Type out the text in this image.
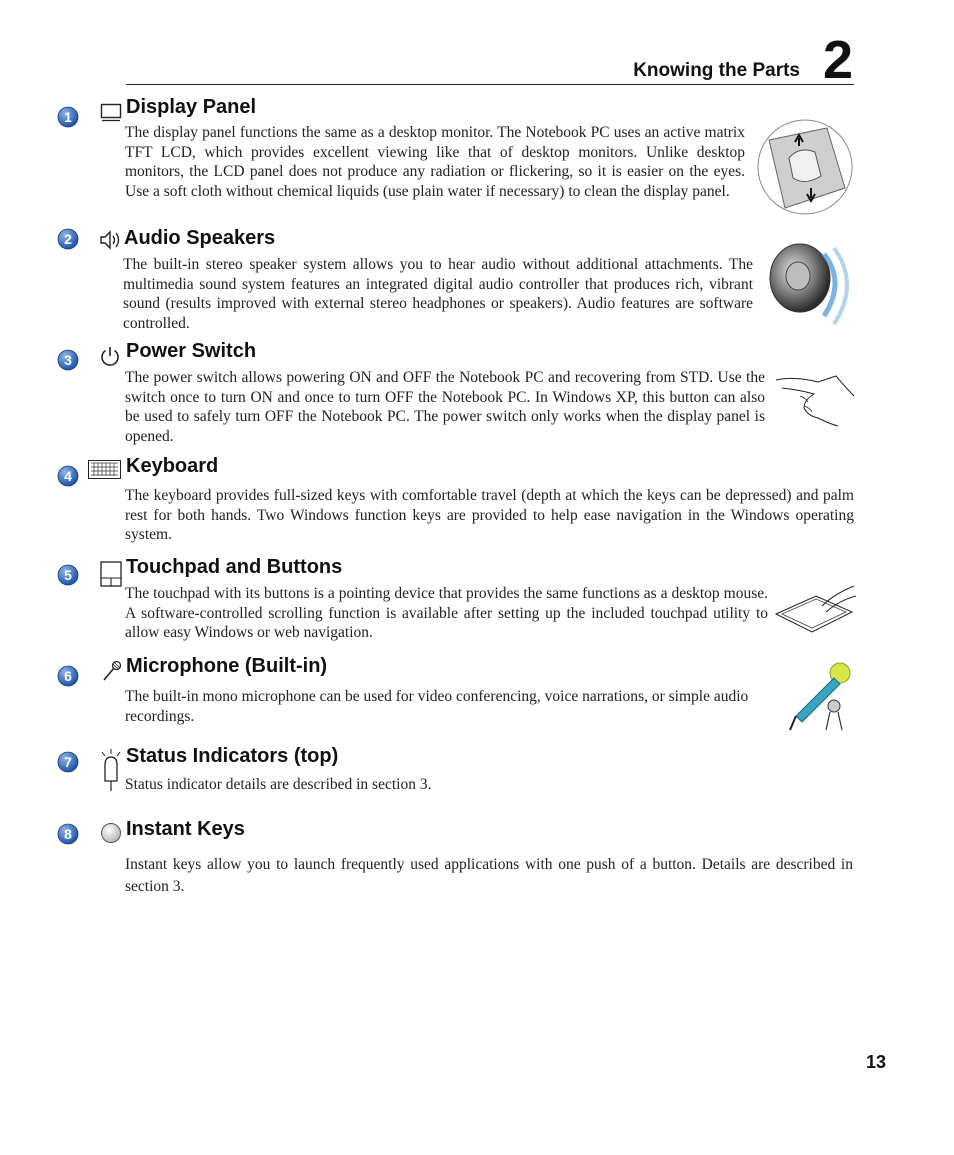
Knowing the Parts 2
1	Display Panel

The display panel functions the same as a desktop monitor. The Notebook PC uses an active matrix TFT LCD, which provides excellent viewing like that of desktop monitors. Unlike desktop monitors, the LCD panel does not produce any radiation or flickering, so it is easier on the eyes. Use a soft cloth without chemical liquids (use plain water if necessary) to clean the display panel.

2	Audio Speakers

The built-in stereo speaker system allows you to hear audio without additional attachments. The multimedia sound system features an integrated digital audio controller that produces rich, vibrant sound (results improved with external stereo headphones or speakers). Audio features are software controlled.

3	Power Switch

The power switch allows powering ON and OFF the Notebook PC and recovering from STD. Use the switch once to turn ON and once to turn OFF the Notebook PC. In Windows XP, this button can also be used to safely turn OFF the Notebook PC. The power switch only works when the display panel is opened.

4	Keyboard

The keyboard provides full-sized keys with comfortable travel (depth at which the keys can be depressed) and palm rest for both hands. Two Windows function keys are provided to help ease navigation in the Windows operating system.

5	Touchpad and Buttons

The touchpad with its buttons is a pointing device that provides the same functions as a desktop mouse. A software-controlled scrolling function is available after setting up the included touchpad utility to allow easy Windows or web navigation.

6	Microphone (Built-in)

The built-in mono microphone can be used for video conferencing, voice narrations, or simple audio recordings.

7	Status Indicators (top)

Status indicator details are described in section 3.

8	Instant Keys

Instant keys allow you to launch frequently used applications with one push of a button. Details are described in section 3.

13
